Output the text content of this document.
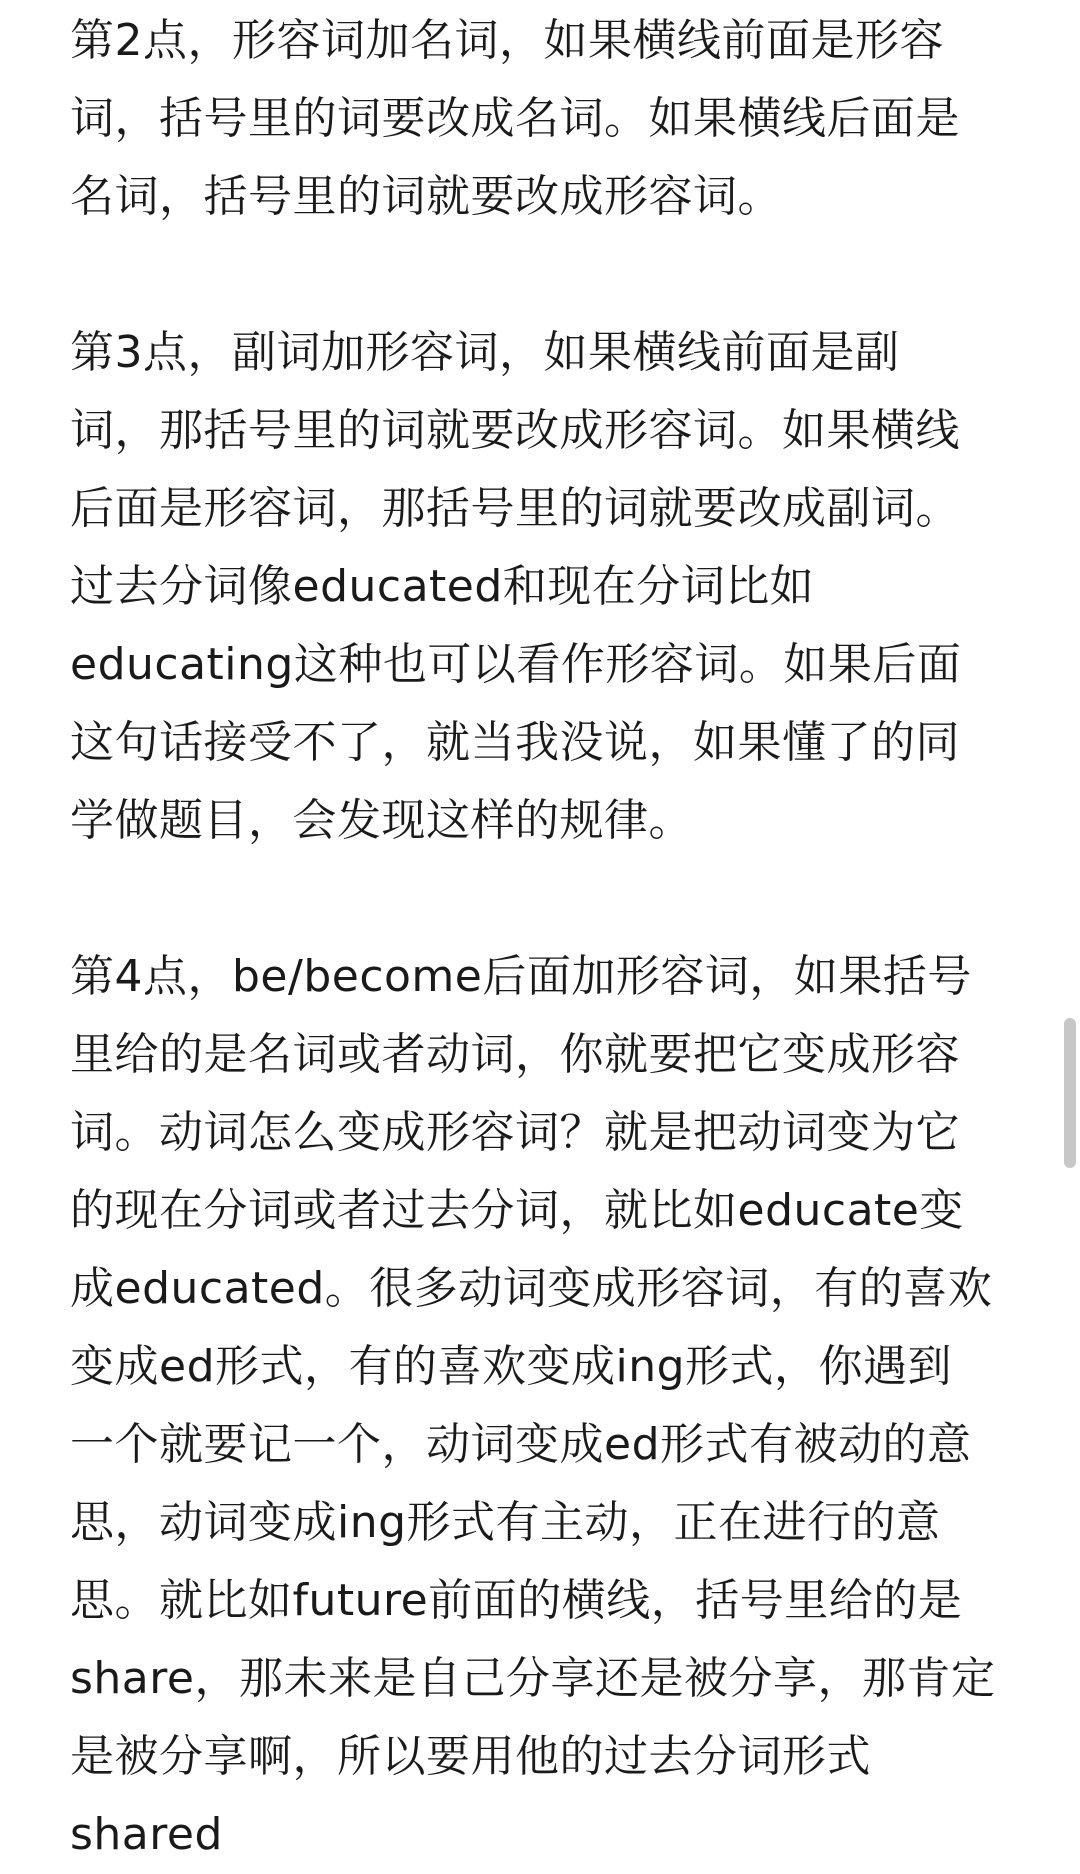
第2点，形容词加名词，如果横线前面是形容
词，括号里的词要改成名词。如果横线后面是
名词，括号里的词就要改成形容词。

第3点，副词加形容词，如果横线前面是副
词，那括号里的词就要改成形容词。如果横线
后面是形容词，那括号里的词就要改成副词。
过去分词像educated和现在分词比如
educating这种也可以看作形容词。如果后面
这句话接受不了，就当我没说，如果懂了的同
学做题目，会发现这样的规律。

第4点，be/become后面加形容词，如果括号
里给的是名词或者动词，你就要把它变成形容
词。动词怎么变成形容词？就是把动词变为它
的现在分词或者过去分词，就比如educate变
成educated。很多动词变成形容词，有的喜欢
变成ed形式，有的喜欢变成ing形式，你遇到
一个就要记一个，动词变成ed形式有被动的意
思，动词变成ing形式有主动，正在进行的意
思。就比如future前面的横线，括号里给的是
share，那未来是自己分享还是被分享，那肯定
是被分享啊，所以要用他的过去分词形式
shared
